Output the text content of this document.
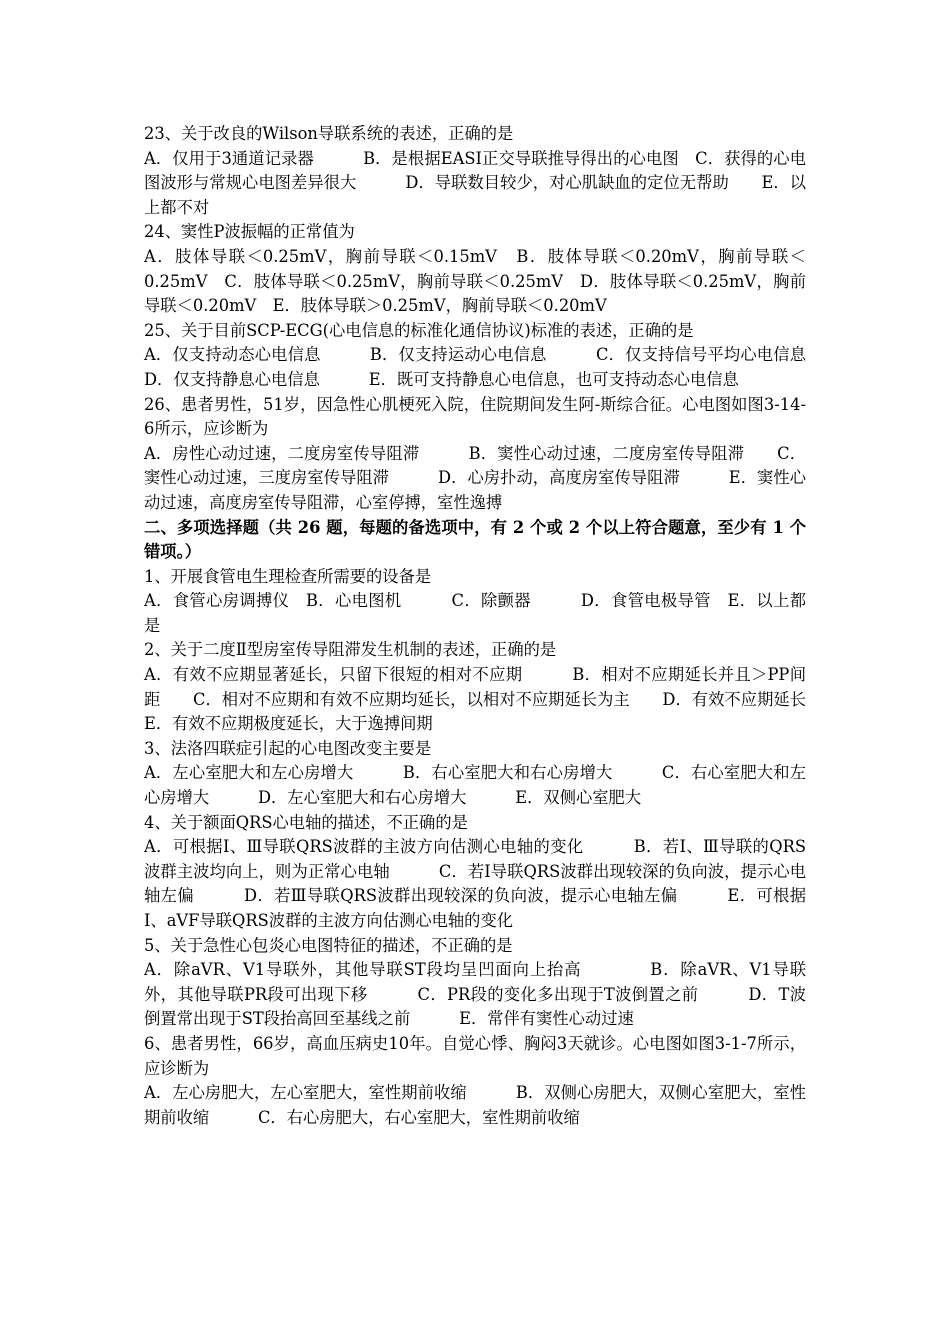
23、关于改良的Wilson导联系统的表述，正确的是

A．仅用于3通道记录器　　　B．是根据EASI正交导联推导得出的心电图　C．获得的心电图波形与常规心电图差异很大　　　D．导联数目较少，对心肌缺血的定位无帮助　　E．以上都不对

24、窦性P波振幅的正常值为

A．肢体导联＜0.25mV，胸前导联＜0.15mV　B．肢体导联＜0.20mV，胸前导联＜0.25mV　C．肢体导联＜0.25mV，胸前导联＜0.25mV　D．肢体导联＜0.25mV，胸前导联＜0.20mV　E．肢体导联＞0.25mV，胸前导联＜0.20mV

25、关于目前SCP-ECG(心电信息的标准化通信协议)标准的表述，正确的是

A．仅支持动态心电信息　　　B．仅支持运动心电信息　　　C．仅支持信号平均心电信息　　　D．仅支持静息心电信息　　　E．既可支持静息心电信息，也可支持动态心电信息

26、患者男性，51岁，因急性心肌梗死入院，住院期间发生阿-斯综合征。心电图如图3-14-6所示，应诊断为

A．房性心动过速，二度房室传导阻滞　　　B．窦性心动过速，二度房室传导阻滞　　C．窦性心动过速，三度房室传导阻滞　　　D．心房扑动，高度房室传导阻滞　　　E．窦性心动过速，高度房室传导阻滞，心室停搏，室性逸搏

二、多项选择题（共 26 题，每题的备选项中，有 2 个或 2 个以上符合题意，至少有 1 个错项。）

1、开展食管电生理检查所需要的设备是

A．食管心房调搏仪　B．心电图机　　　C．除颤器　　　D．食管电极导管　E．以上都是

2、关于二度Ⅱ型房室传导阻滞发生机制的表述，正确的是

A．有效不应期显著延长，只留下很短的相对不应期　　　B．相对不应期延长并且＞PP间距　　C．相对不应期和有效不应期均延长，以相对不应期延长为主　　D．有效不应期延长　　E．有效不应期极度延长，大于逸搏间期

3、法洛四联症引起的心电图改变主要是

A．左心室肥大和左心房增大　　　B．右心室肥大和右心房增大　　　C．右心室肥大和左心房增大　　　D．左心室肥大和右心房增大　　　E．双侧心室肥大

4、关于额面QRS心电轴的描述，不正确的是

A．可根据Ⅰ、Ⅲ导联QRS波群的主波方向估测心电轴的变化　　　B．若Ⅰ、Ⅲ导联的QRS波群主波均向上，则为正常心电轴　　　C．若Ⅰ导联QRS波群出现较深的负向波，提示心电轴左偏　　　D．若Ⅲ导联QRS波群出现较深的负向波，提示心电轴左偏　　　E．可根据Ⅰ、aVF导联QRS波群的主波方向估测心电轴的变化

5、关于急性心包炎心电图特征的描述，不正确的是

A．除aVR、V1导联外，其他导联ST段均呈凹面向上抬高　　　　B．除aVR、V1导联外，其他导联PR段可出现下移　　　C．PR段的变化多出现于T波倒置之前　　　D．T波倒置常出现于ST段抬高回至基线之前　　　E．常伴有窦性心动过速

6、患者男性，66岁，高血压病史10年。自觉心悸、胸闷3天就诊。心电图如图3-1-7所示，应诊断为

A．左心房肥大，左心室肥大，室性期前收缩　　　B．双侧心房肥大，双侧心室肥大，室性期前收缩　　　C．右心房肥大，右心室肥大，室性期前收缩
